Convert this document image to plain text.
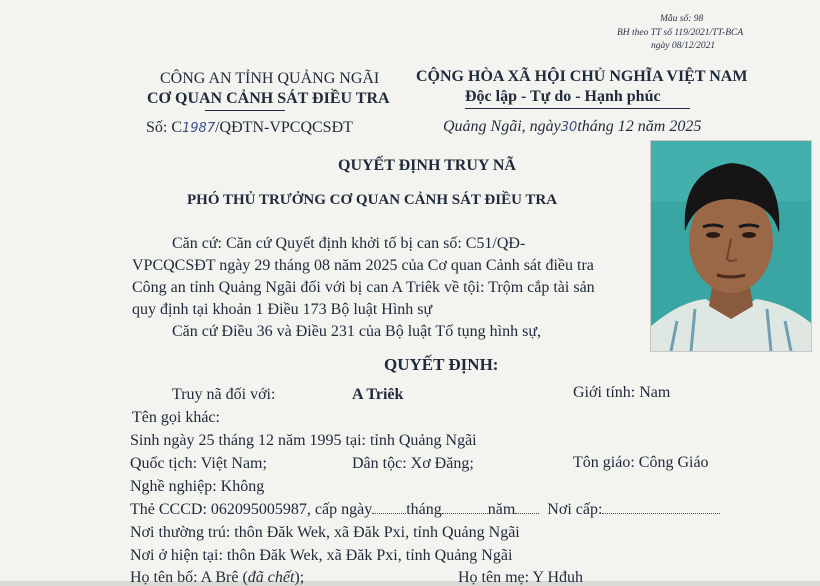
Mẫu số: 98
BH theo TT số 119/2021/TT-BCA
ngày 08/12/2021
CÔNG AN TỈNH QUẢNG NGÃI
CƠ QUAN CẢNH SÁT ĐIỀU TRA
Số: C1987/QĐTN-VPCQCSĐT
CỘNG HÒA XÃ HỘI CHỦ NGHĨA VIỆT NAM
Độc lập - Tự do - Hạnh phúc
Quảng Ngãi, ngày30tháng 12 năm 2025
QUYẾT ĐỊNH TRUY NÃ
PHÓ THỦ TRƯỞNG CƠ QUAN CẢNH SÁT ĐIỀU TRA
Căn cứ: Căn cứ Quyết định khởi tố bị can số: C51/QĐ-
VPCQCSĐT ngày 29 tháng 08 năm 2025 của Cơ quan Cảnh sát điều tra
Công an tỉnh Quảng Ngãi đối với bị can A Triêk về tội: Trộm cắp tài sản
quy định tại khoản 1 Điều 173 Bộ luật Hình sự
Căn cứ Điều 36 và Điều 231 của Bộ luật Tố tụng hình sự,
QUYẾT ĐỊNH:
Truy nã đối với:	A Triêk	Giới tính: Nam
Tên gọi khác:
Sinh ngày 25 tháng 12 năm 1995 tại: tỉnh Quảng Ngãi
Quốc tịch: Việt Nam;	Dân tộc: Xơ Đăng;	Tôn giáo: Công Giáo
Nghề nghiệp: Không
Thẻ CCCD: 062095005987, cấp ngày tháng	năm Nơi cấp:
Nơi thường trú: thôn Đăk Wek, xã Đăk Pxi, tỉnh Quảng Ngãi
Nơi ở hiện tại: thôn Đăk Wek, xã Đăk Pxi, tỉnh Quảng Ngãi
Họ tên bố: A Brê (đã chết);	Họ tên mẹ: Y Hđuh
